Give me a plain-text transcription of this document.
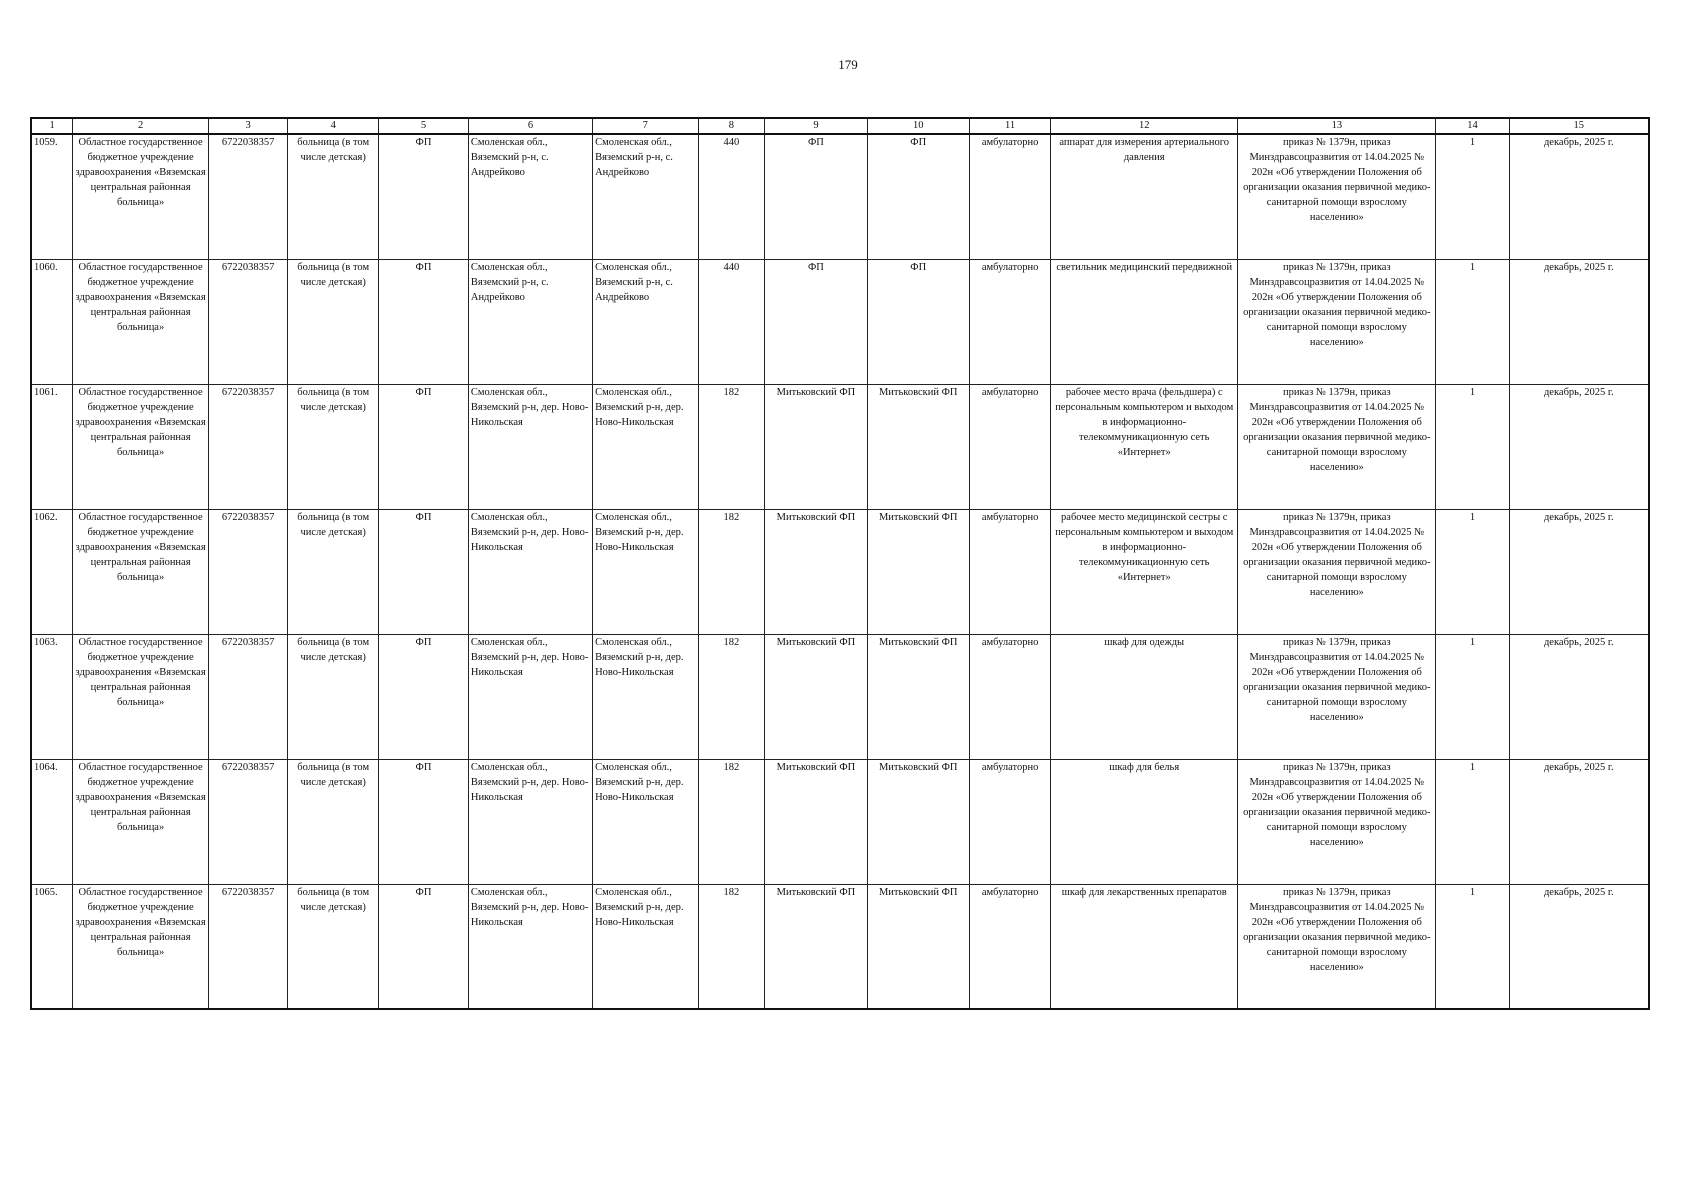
179
1	2	3	4	5	6	7	8	9	10	11	12	13	14	15
1059.	Областное государственное бюджетное учреждение здравоохранения «Вяземская центральная районная больница»	6722038357	больница (в том числе детская)	ФП	Смоленская обл., Вяземский р-н, с. Андрейково	Смоленская обл., Вяземский р-н, с. Андрейково	440	ФП	ФП	амбулаторно	аппарат для измерения артериального давления	приказ № 1379н, приказ Минздравсоцразвития от 14.04.2025 № 202н «Об утверждении Положения об организации оказания первичной медико-санитарной помощи взрослому населению»	1	декабрь, 2025 г.
1060.	Областное государственное бюджетное учреждение здравоохранения «Вяземская центральная районная больница»	6722038357	больница (в том числе детская)	ФП	Смоленская обл., Вяземский р-н, с. Андрейково	Смоленская обл., Вяземский р-н, с. Андрейково	440	ФП	ФП	амбулаторно	светильник медицинский передвижной	приказ № 1379н, приказ Минздравсоцразвития от 14.04.2025 № 202н «Об утверждении Положения об организации оказания первичной медико-санитарной помощи взрослому населению»	1	декабрь, 2025 г.
1061.	Областное государственное бюджетное учреждение здравоохранения «Вяземская центральная районная больница»	6722038357	больница (в том числе детская)	ФП	Смоленская обл., Вяземский р-н, дер. Ново-Никольская	Смоленская обл., Вяземский р-н, дер. Ново-Никольская	182	Митьковский ФП	Митьковский ФП	амбулаторно	рабочее место врача (фельдшера) с персональным компьютером и выходом в информационно-телекоммуникационную сеть «Интернет»	приказ № 1379н, приказ Минздравсоцразвития от 14.04.2025 № 202н «Об утверждении Положения об организации оказания первичной медико-санитарной помощи взрослому населению»	1	декабрь, 2025 г.
1062.	Областное государственное бюджетное учреждение здравоохранения «Вяземская центральная районная больница»	6722038357	больница (в том числе детская)	ФП	Смоленская обл., Вяземский р-н, дер. Ново-Никольская	Смоленская обл., Вяземский р-н, дер. Ново-Никольская	182	Митьковский ФП	Митьковский ФП	амбулаторно	рабочее место медицинской сестры с персональным компьютером и выходом в информационно-телекоммуникационную сеть «Интернет»	приказ № 1379н, приказ Минздравсоцразвития от 14.04.2025 № 202н «Об утверждении Положения об организации оказания первичной медико-санитарной помощи взрослому населению»	1	декабрь, 2025 г.
1063.	Областное государственное бюджетное учреждение здравоохранения «Вяземская центральная районная больница»	6722038357	больница (в том числе детская)	ФП	Смоленская обл., Вяземский р-н, дер. Ново-Никольская	Смоленская обл., Вяземский р-н, дер. Ново-Никольская	182	Митьковский ФП	Митьковский ФП	амбулаторно	шкаф для одежды	приказ № 1379н, приказ Минздравсоцразвития от 14.04.2025 № 202н «Об утверждении Положения об организации оказания первичной медико-санитарной помощи взрослому населению»	1	декабрь, 2025 г.
1064.	Областное государственное бюджетное учреждение здравоохранения «Вяземская центральная районная больница»	6722038357	больница (в том числе детская)	ФП	Смоленская обл., Вяземский р-н, дер. Ново-Никольская	Смоленская обл., Вяземский р-н, дер. Ново-Никольская	182	Митьковский ФП	Митьковский ФП	амбулаторно	шкаф для белья	приказ № 1379н, приказ Минздравсоцразвития от 14.04.2025 № 202н «Об утверждении Положения об организации оказания первичной медико-санитарной помощи взрослому населению»	1	декабрь, 2025 г.
1065.	Областное государственное бюджетное учреждение здравоохранения «Вяземская центральная районная больница»	6722038357	больница (в том числе детская)	ФП	Смоленская обл., Вяземский р-н, дер. Ново-Никольская	Смоленская обл., Вяземский р-н, дер. Ново-Никольская	182	Митьковский ФП	Митьковский ФП	амбулаторно	шкаф для лекарственных препаратов	приказ № 1379н, приказ Минздравсоцразвития от 14.04.2025 № 202н «Об утверждении Положения об организации оказания первичной медико-санитарной помощи взрослому населению»	1	декабрь, 2025 г.
